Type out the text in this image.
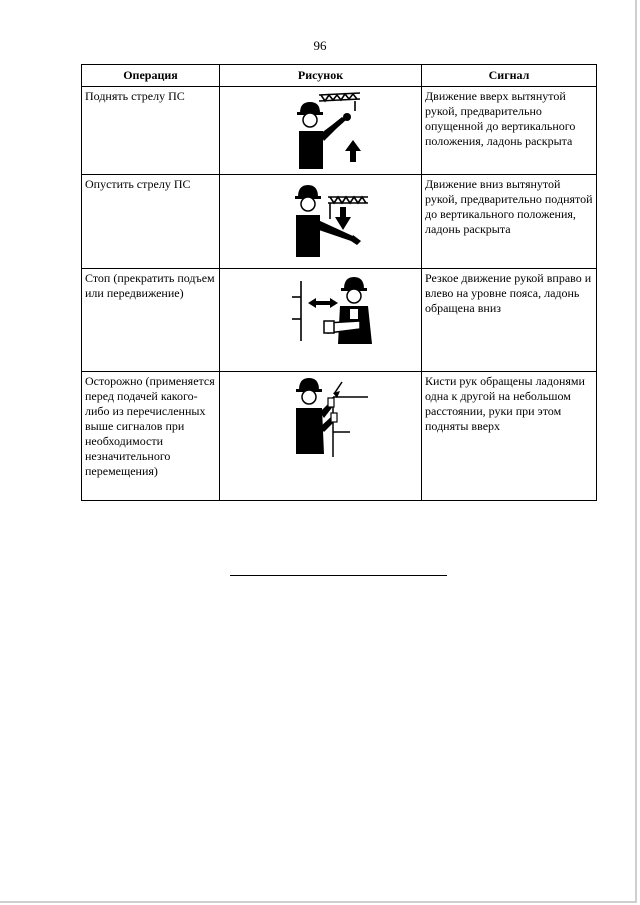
96
Операция	Рисунок	Сигнал
Поднять стрелу ПС		Движение вверх вытянутой рукой, предварительно опущенной до вертикального положения, ладонь раскрыта
Опустить стрелу ПС		Движение вниз вытянутой рукой, предварительно поднятой до вертикального положения, ладонь раскрыта
Стоп (прекратить подъем или передвижение)		Резкое движение рукой вправо и влево на уровне пояса, ладонь обращена вниз
Осторожно (применяется перед подачей какого-либо из перечисленных выше сигналов при необходимости незначительного перемещения)		Кисти рук обращены ладонями одна к другой на небольшом расстоянии, руки при этом подняты вверх
